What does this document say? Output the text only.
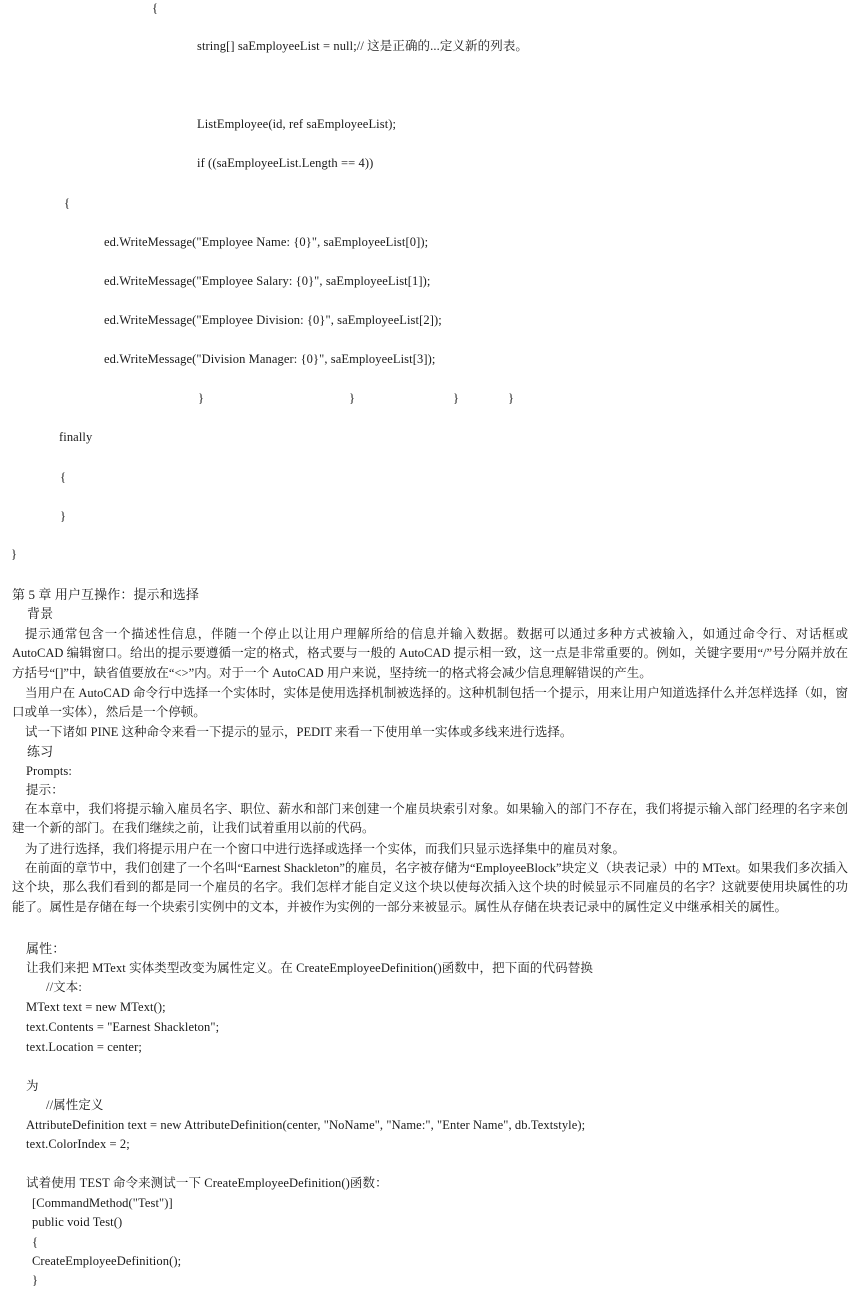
{
string[] saEmployeeList = null;// 这是正确的...定义新的列表。
ListEmployee(id, ref saEmployeeList);
if ((saEmployeeList.Length == 4))
{
ed.WriteMessage("Employee Name: {0}", saEmployeeList[0]);
ed.WriteMessage("Employee Salary: {0}", saEmployeeList[1]);
ed.WriteMessage("Employee Division: {0}", saEmployeeList[2]);
ed.WriteMessage("Division Manager: {0}", saEmployeeList[3]);
}	}	}	}
finally
{
}
}
第 5 章 用户互操作：提示和选择
背景
提示通常包含一个描述性信息，伴随一个停止以让用户理解所给的信息并输入数据。数据可以通过多种方式被输入，如通过命令行、对话框或AutoCAD 编辑窗口。给出的提示要遵循一定的格式，格式要与一般的 AutoCAD 提示相一致，这一点是非常重要的。例如，关键字要用“/”号分隔并放在方括号“[]”中，缺省值要放在“<>”内。对于一个 AutoCAD 用户来说，坚持统一的格式将会减少信息理解错误的产生。
当用户在 AutoCAD 命令行中选择一个实体时，实体是使用选择机制被选择的。这种机制包括一个提示，用来让用户知道选择什么并怎样选择（如，窗口或单一实体），然后是一个停顿。
试一下诸如 PINE 这种命令来看一下提示的显示，PEDIT 来看一下使用单一实体或多线来进行选择。
练习
Prompts:
提示：
在本章中，我们将提示输入雇员名字、职位、薪水和部门来创建一个雇员块索引对象。如果输入的部门不存在，我们将提示输入部门经理的名字来创建一个新的部门。在我们继续之前，让我们试着重用以前的代码。
为了进行选择，我们将提示用户在一个窗口中进行选择或选择一个实体，而我们只显示选择集中的雇员对象。
在前面的章节中，我们创建了一个名叫“Earnest Shackleton”的雇员，名字被存储为“EmployeeBlock”块定义（块表记录）中的 MText。如果我们多次插入这个块，那么我们看到的都是同一个雇员的名字。我们怎样才能自定义这个块以使每次插入这个块的时候显示不同雇员的名字？这就要使用块属性的功能了。属性是存储在每一个块索引实例中的文本，并被作为实例的一部分来被显示。属性从存储在块表记录中的属性定义中继承相关的属性。
属性：
让我们来把 MText 实体类型改变为属性定义。在 CreateEmployeeDefinition()函数中，把下面的代码替换
//文本:
MText text = new MText();
text.Contents = "Earnest Shackleton";
text.Location = center;
为
//属性定义
AttributeDefinition text = new AttributeDefinition(center, "NoName", "Name:", "Enter Name", db.Textstyle);
text.ColorIndex = 2;
试着使用 TEST 命令来测试一下 CreateEmployeeDefinition()函数：
[CommandMethod("Test")]
public void Test()
{
CreateEmployeeDefinition();
}
